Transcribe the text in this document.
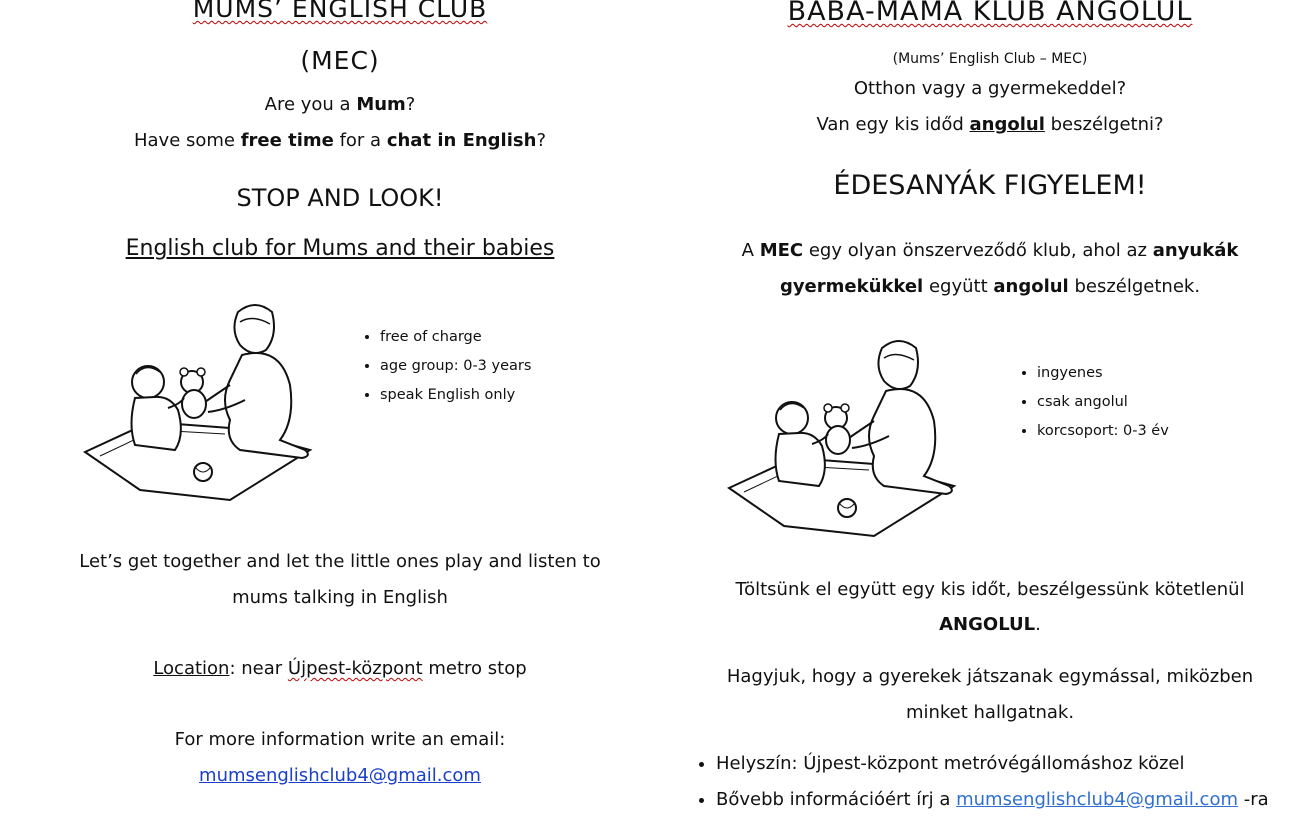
MUMS’ ENGLISH CLUB
(MEC)
Are you a Mum?
Have some free time for a chat in English?
STOP AND LOOK!
English club for Mums and their babies
• free of charge
• age group: 0-3 years
• speak English only
Let’s get together and let the little ones play and listen to
mums talking in English
Location: near Újpest-központ metro stop
For more information write an email:
mumsenglishclub4@gmail.com
BABA-MAMA KLUB ANGOLUL
(Mums’ English Club – MEC)
Otthon vagy a gyermekeddel?
Van egy kis időd angolul beszélgetni?
ÉDESANYÁK FIGYELEM!
A MEC egy olyan önszerveződő klub, ahol az anyukák
gyermekükkel együtt angolul beszélgetnek.
• ingyenes
• csak angolul
• korcsoport: 0-3 év
Töltsünk el együtt egy kis időt, beszélgessünk kötetlenül
ANGOLUL.
Hagyjuk, hogy a gyerekek játszanak egymással, miközben
minket hallgatnak.
• Helyszín: Újpest-központ metróvégállomáshoz közel
• Bővebb információért írj a mumsenglishclub4@gmail.com -ra
